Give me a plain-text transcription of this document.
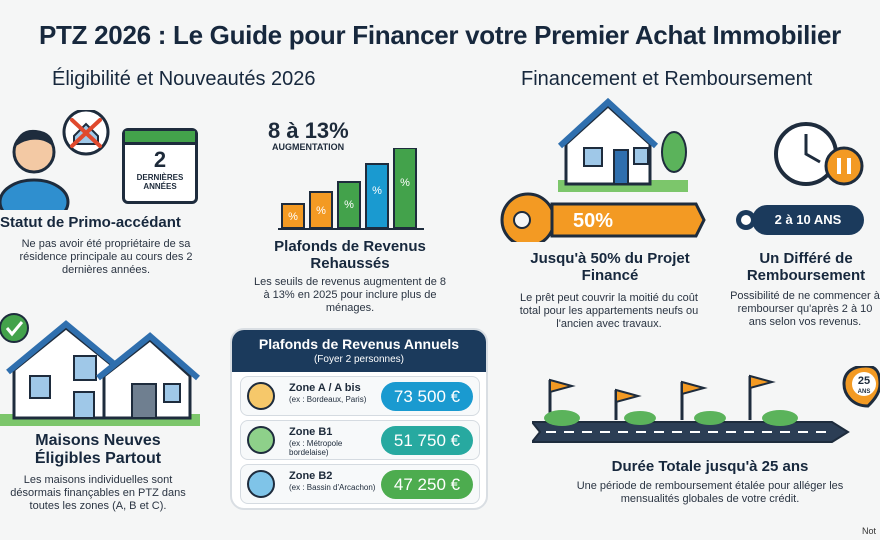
PTZ 2026 : Le Guide pour Financer votre Premier Achat Immobilier
Éligibilité et Nouveautés 2026	Financement et Remboursement
2
DERNIÈRES ANNÉES
Statut de Primo-accédant
Ne pas avoir été propriétaire de sa résidence principale au cours des 2 dernières années.
8 à 13%
AUGMENTATION
% % %
%
%
Plafonds de Revenus Rehaussés
Les seuils de revenus augmentent de 8 à 13% en 2025 pour inclure plus de ménages.
Maisons Neuves Éligibles Partout
Les maisons individuelles sont désormais finançables en PTZ dans toutes les zones (A, B et C).
Plafonds de Revenus Annuels
(Foyer 2 personnes)
Zone A / A bis
(ex : Bordeaux, Paris)	73 500 €
Zone B1
(ex : Métropole bordelaise)
51 750 €
Zone B2
(ex : Bassin d'Arcachon)	47 250 €
50%
Jusqu'à 50% du Projet Financé
Le prêt peut couvrir la moitié du coût total pour les appartements neufs ou l'ancien avec travaux.
2 à 10 ANS
Un Différé de Remboursement
Possibilité de ne commencer à rembourser qu'après 2 à 10 ans selon vos revenus.
25
ANS
Durée Totale jusqu'à 25 ans
Une période de remboursement étalée pour alléger les mensualités globales de votre crédit.
Not
